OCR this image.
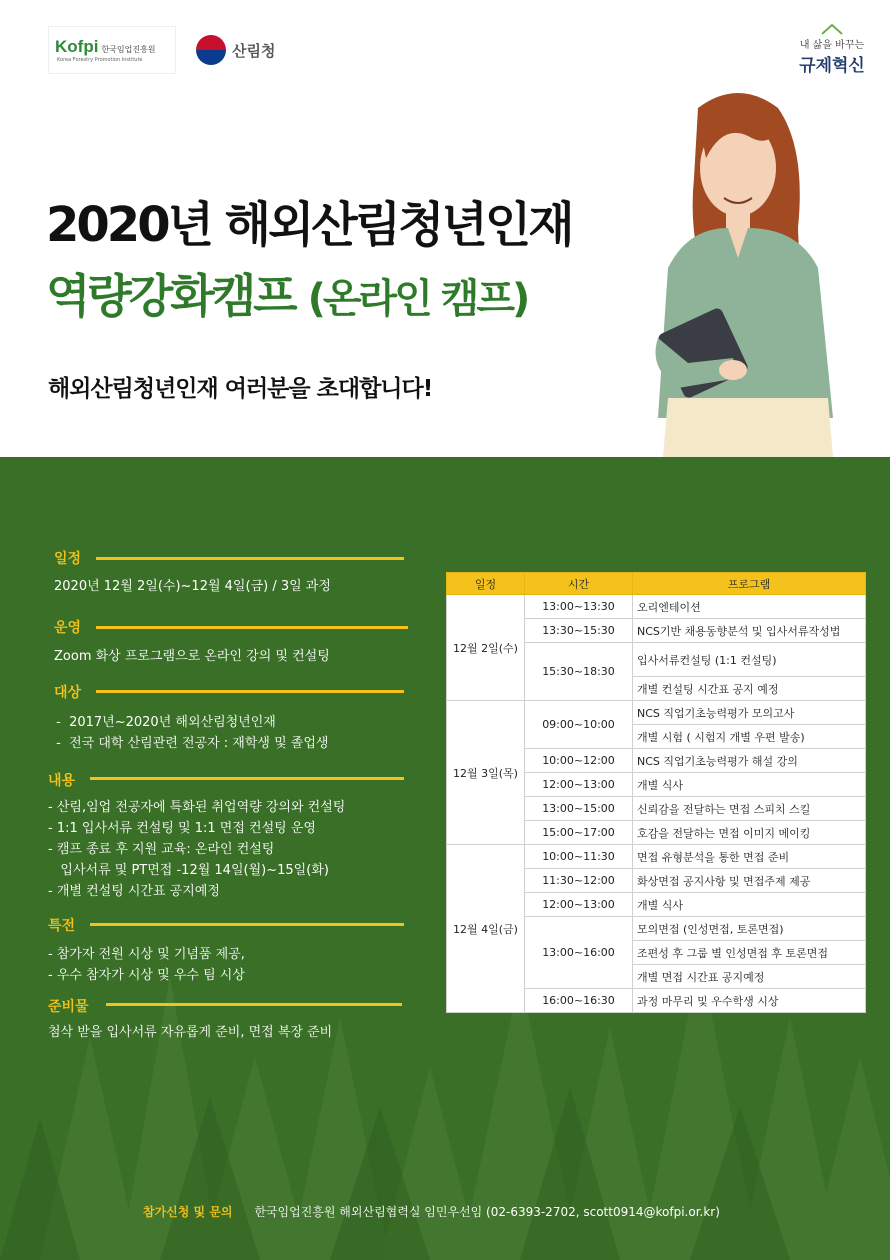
Kofpi 한국임업진흥원
Korea Forestry Promotion Institute
산림청	내 삶을 바꾸는
규제혁신
2020년 해외산림청년인재
역량강화캠프 (온라인 캠프)
해외산림청년인재 여러분을 초대합니다!
일정
2020년 12월 2일(수)~12월 4일(금) / 3일 과정
운영
Zoom 화상 프로그램으로 온라인 강의 및 컨설팅
대상
-  2017년~2020년 해외산림청년인재
-  전국 대학 산림관련 전공자 : 재학생 및 졸업생
내용
- 산림,임업 전공자에 특화된 취업역량 강의와 컨설팅
- 1:1 입사서류 컨설팅 및 1:1 면접 컨설팅 운영
- 캠프 종료 후 지원 교육: 온라인 컨설팅
입사서류 및 PT면접 -12월 14일(월)~15일(화)
- 개별 컨설팅 시간표 공지예정
특전
- 참가자 전원 시상 및 기념품 제공,
- 우수 참자가 시상 및 우수 팀 시상
준비물
첨삭 받을 입사서류 자유롭게 준비, 면접 복장 준비
일정	시간	프로그램
12월 2일(수)	13:00~13:30	오리엔테이션
	13:30~15:30	NCS기반 채용동향분석 및 입사서류작성법
	15:30~18:30	입사서류컨설팅 (1:1 컨설팅)
		개별 컨설팅 시간표 공지 예정
12월 3일(목)	09:00~10:00	NCS 직업기초능력평가 모의고사
		개별 시험 ( 시험지 개별 우편 발송)
	10:00~12:00	NCS 직업기초능력평가 해설 강의
	12:00~13:00	개별 식사
	13:00~15:00	신뢰감을 전달하는 면접 스피치 스킬
	15:00~17:00	호감을 전달하는 면접 이미지 메이킹
12월 4일(금)	10:00~11:30	면접 유형분석을 통한 면접 준비
	11:30~12:00	화상면접 공지사항 및 면접주제 제공
	12:00~13:00	개별 식사
	13:00~16:00	모의면접 (인성면접, 토론면접)
		조편성 후 그룹 별 인성면접 후 토론면접
		개별 면접 시간표 공지예정
	16:00~16:30	과정 마무리 및 우수학생 시상
참가신청 및 문의 한국임업진흥원 해외산림협력실 임민우선임 (02-6393-2702, scott0914@kofpi.or.kr)
